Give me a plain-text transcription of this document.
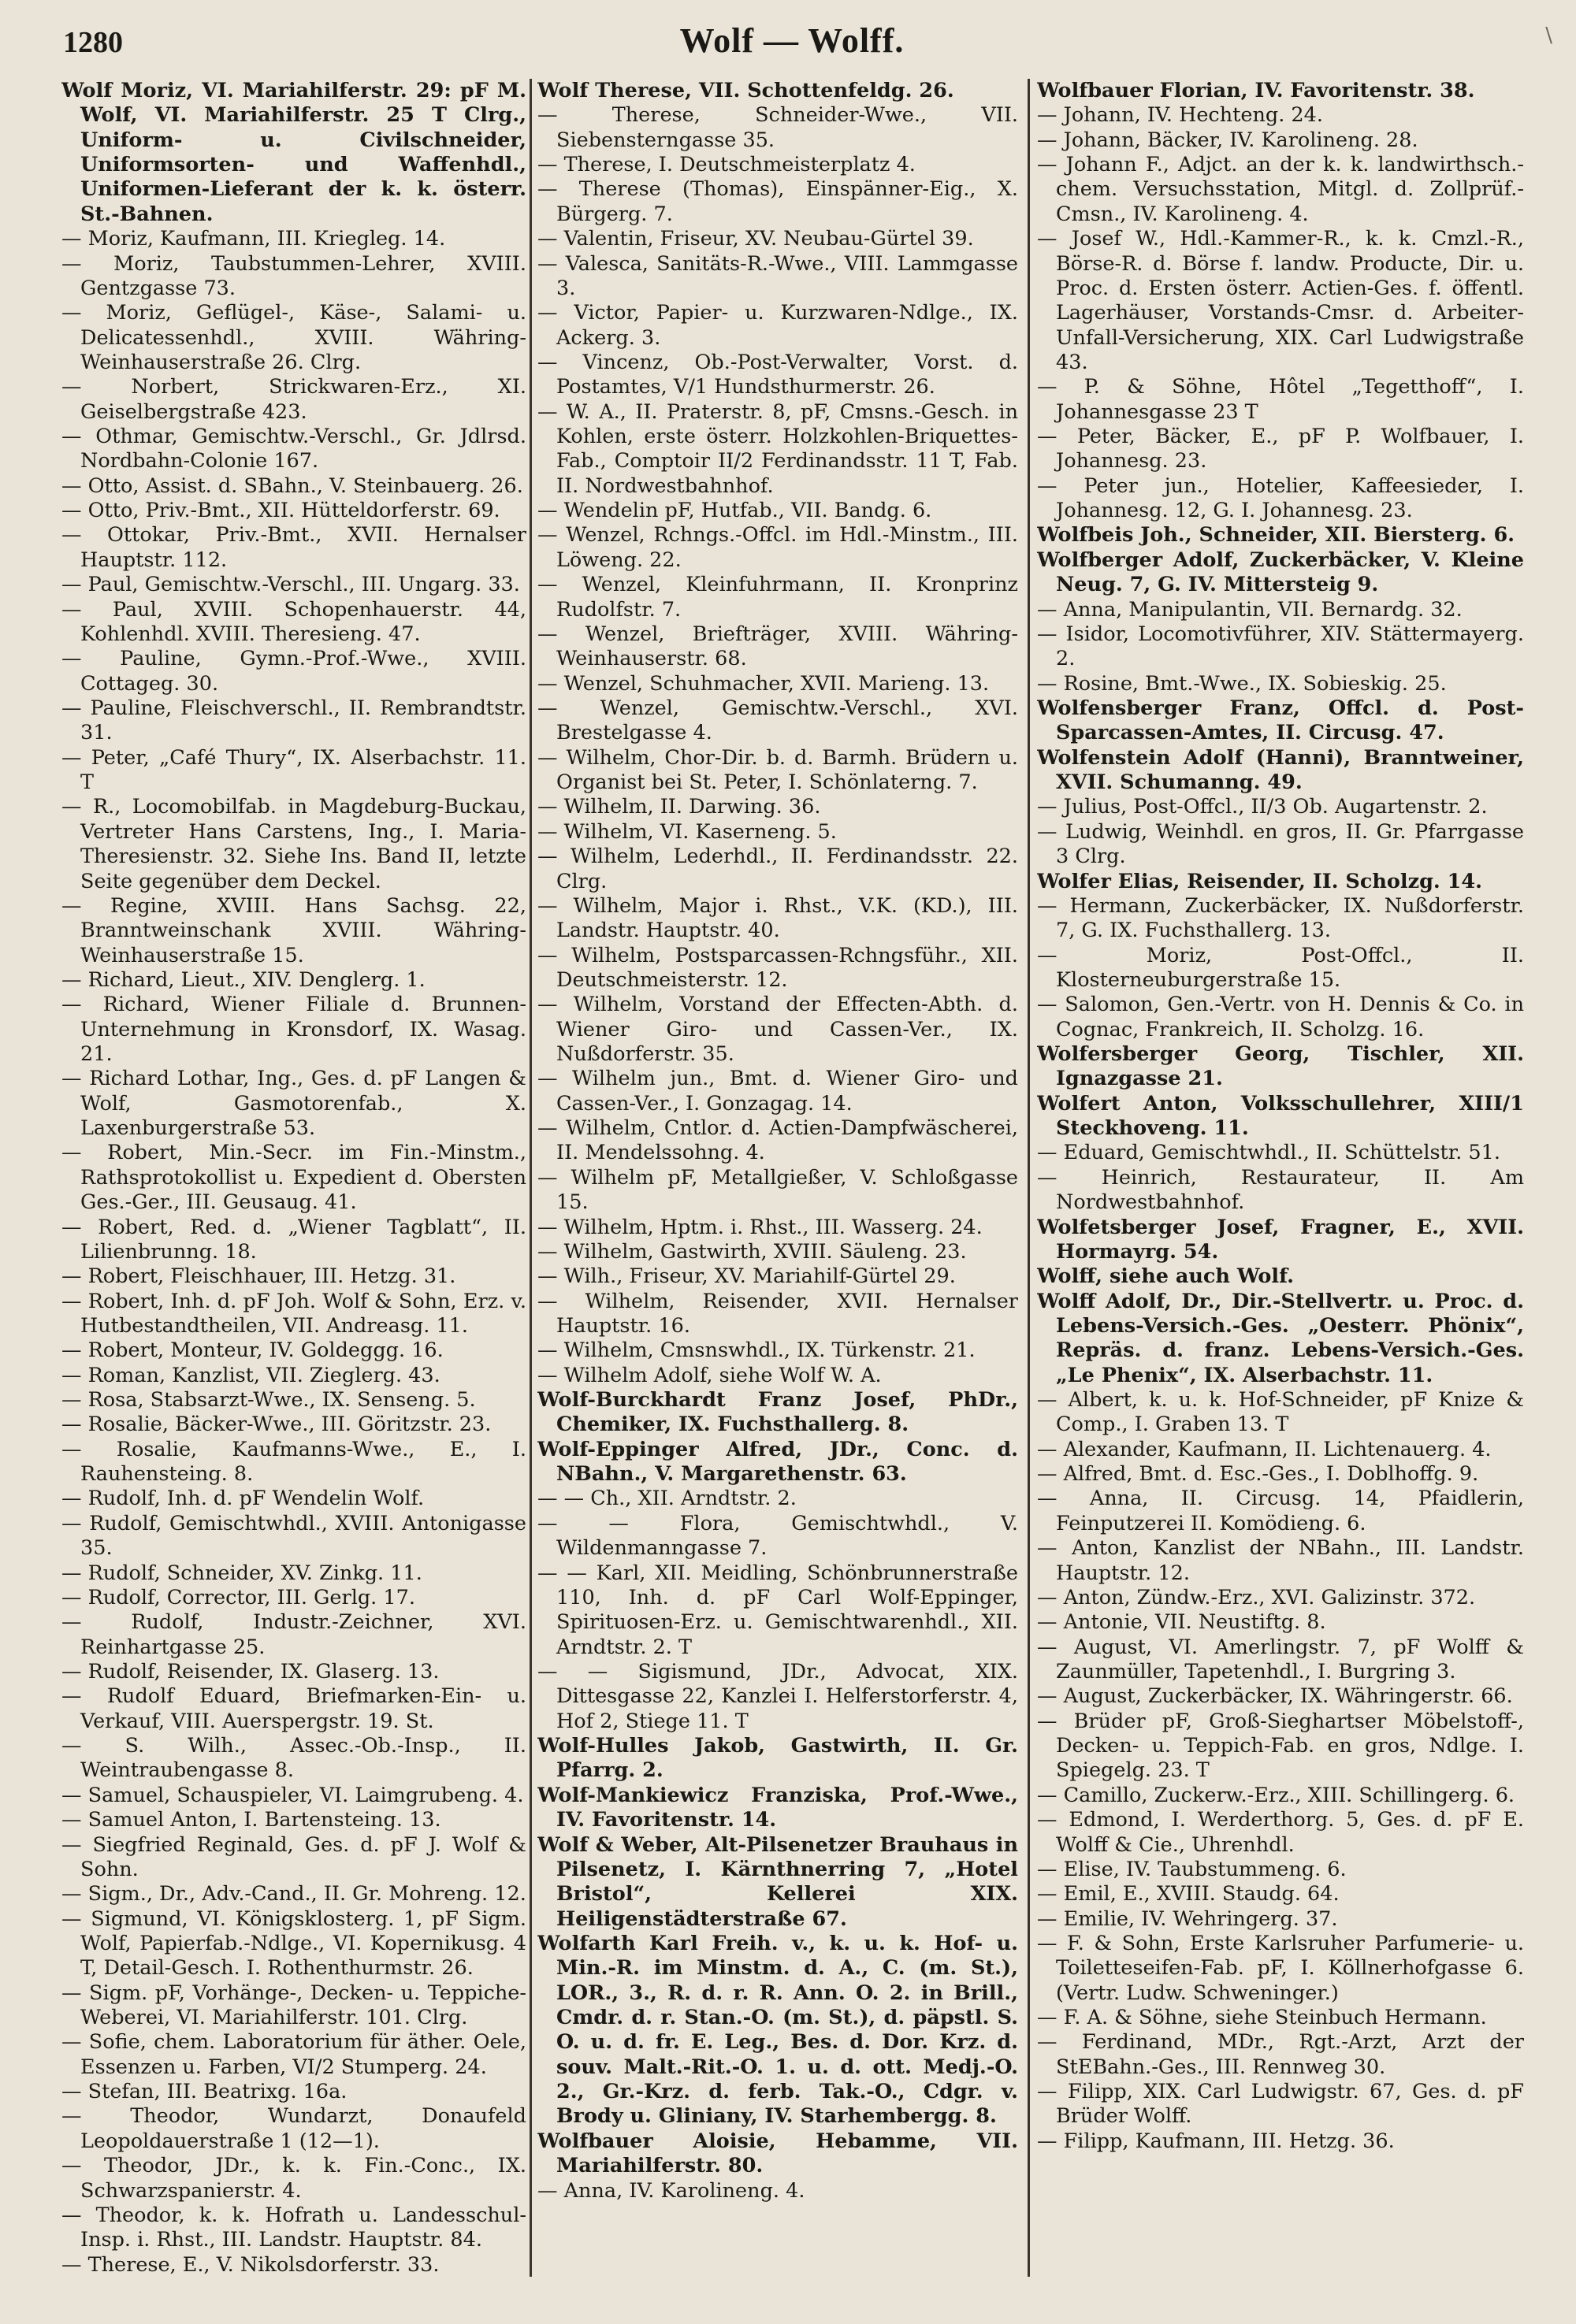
1280	Wolf — Wolff.	\
Wolf Moriz, VI. Mariahilferstr. 29: pF M. Wolf, VI. Mariahilferstr. 25 T Clrg., Uniform- u. Civilschneider, Uniformsorten- und Waffenhdl., Uniformen-Lieferant der k. k. österr. St.-Bahnen.
— Moriz, Kaufmann, III. Kriegleg. 14.
— Moriz, Taubstummen-Lehrer, XVIII. Gentzgasse 73.
— Moriz, Geflügel-, Käse-, Salami- u. Delicatessenhdl., XVIII. Währing-Weinhauserstraße 26. Clrg.
— Norbert, Strickwaren-Erz., XI. Geiselbergstraße 423.
— Othmar, Gemischtw.-Verschl., Gr. Jdlrsd. Nordbahn-Colonie 167.
— Otto, Assist. d. SBahn., V. Steinbauerg. 26.
— Otto, Priv.-Bmt., XII. Hütteldorferstr. 69.
— Ottokar, Priv.-Bmt., XVII. Hernalser Hauptstr. 112.
— Paul, Gemischtw.-Verschl., III. Ungarg. 33.
— Paul, XVIII. Schopenhauerstr. 44, Kohlenhdl. XVIII. Theresieng. 47.
— Pauline, Gymn.-Prof.-Wwe., XVIII. Cottageg. 30.
— Pauline, Fleischverschl., II. Rembrandtstr. 31.
— Peter, „Café Thury“, IX. Alserbachstr. 11. T
— R., Locomobilfab. in Magdeburg-Buckau, Vertreter Hans Carstens, Ing., I. Maria-Theresienstr. 32. Siehe Ins. Band II, letzte Seite gegenüber dem Deckel.
— Regine, XVIII. Hans Sachsg. 22, Branntweinschank XVIII. Währing-Weinhauserstraße 15.
— Richard, Lieut., XIV. Denglerg. 1.
— Richard, Wiener Filiale d. Brunnen-Unternehmung in Kronsdorf, IX. Wasag. 21.
— Richard Lothar, Ing., Ges. d. pF Langen & Wolf, Gasmotorenfab., X. Laxenburgerstraße 53.
— Robert, Min.-Secr. im Fin.-Minstm., Rathsprotokollist u. Expedient d. Obersten Ges.-Ger., III. Geusaug. 41.
— Robert, Red. d. „Wiener Tagblatt“, II. Lilienbrunng. 18.
— Robert, Fleischhauer, III. Hetzg. 31.
— Robert, Inh. d. pF Joh. Wolf & Sohn, Erz. v. Hutbestandtheilen, VII. Andreasg. 11.
— Robert, Monteur, IV. Goldeggg. 16.
— Roman, Kanzlist, VII. Zieglerg. 43.
— Rosa, Stabsarzt-Wwe., IX. Senseng. 5.
— Rosalie, Bäcker-Wwe., III. Göritzstr. 23.
— Rosalie, Kaufmanns-Wwe., E., I. Rauhensteing. 8.
— Rudolf, Inh. d. pF Wendelin Wolf.
— Rudolf, Gemischtwhdl., XVIII. Antonigasse 35.
— Rudolf, Schneider, XV. Zinkg. 11.
— Rudolf, Corrector, III. Gerlg. 17.
— Rudolf, Industr.-Zeichner, XVI. Reinhartgasse 25.
— Rudolf, Reisender, IX. Glaserg. 13.
— Rudolf Eduard, Briefmarken-Ein- u. Verkauf, VIII. Auerspergstr. 19. St.
— S. Wilh., Assec.-Ob.-Insp., II. Weintraubengasse 8.
— Samuel, Schauspieler, VI. Laimgrubeng. 4.
— Samuel Anton, I. Bartensteing. 13.
— Siegfried Reginald, Ges. d. pF J. Wolf & Sohn.
— Sigm., Dr., Adv.-Cand., II. Gr. Mohreng. 12.
— Sigmund, VI. Königsklosterg. 1, pF Sigm. Wolf, Papierfab.-Ndlge., VI. Kopernikusg. 4 T, Detail-Gesch. I. Rothenthurmstr. 26.
— Sigm. pF, Vorhänge-, Decken- u. Teppiche-Weberei, VI. Mariahilferstr. 101. Clrg.
— Sofie, chem. Laboratorium für äther. Oele, Essenzen u. Farben, VI/2 Stumperg. 24.
— Stefan, III. Beatrixg. 16a.
— Theodor, Wundarzt, Donaufeld Leopoldauerstraße 1 (12—1).
— Theodor, JDr., k. k. Fin.-Conc., IX. Schwarzspanierstr. 4.
— Theodor, k. k. Hofrath u. Landesschul-Insp. i. Rhst., III. Landstr. Hauptstr. 84.
— Therese, E., V. Nikolsdorferstr. 33.
Wolf Therese, VII. Schottenfeldg. 26.
— Therese, Schneider-Wwe., VII. Siebensterngasse 35.
— Therese, I. Deutschmeisterplatz 4.
— Therese (Thomas), Einspänner-Eig., X. Bürgerg. 7.
— Valentin, Friseur, XV. Neubau-Gürtel 39.
— Valesca, Sanitäts-R.-Wwe., VIII. Lammgasse 3.
— Victor, Papier- u. Kurzwaren-Ndlge., IX. Ackerg. 3.
— Vincenz, Ob.-Post-Verwalter, Vorst. d. Postamtes, V/1 Hundsthurmerstr. 26.
— W. A., II. Praterstr. 8, pF, Cmsns.-Gesch. in Kohlen, erste österr. Holzkohlen-Briquettes-Fab., Comptoir II/2 Ferdinandsstr. 11 T, Fab. II. Nordwestbahnhof.
— Wendelin pF, Hutfab., VII. Bandg. 6.
— Wenzel, Rchngs.-Offcl. im Hdl.-Minstm., III. Löweng. 22.
— Wenzel, Kleinfuhrmann, II. Kronprinz Rudolfstr. 7.
— Wenzel, Briefträger, XVIII. Währing-Weinhauserstr. 68.
— Wenzel, Schuhmacher, XVII. Marieng. 13.
— Wenzel, Gemischtw.-Verschl., XVI. Brestelgasse 4.
— Wilhelm, Chor-Dir. b. d. Barmh. Brüdern u. Organist bei St. Peter, I. Schönlaterng. 7.
— Wilhelm, II. Darwing. 36.
— Wilhelm, VI. Kaserneng. 5.
— Wilhelm, Lederhdl., II. Ferdinandsstr. 22. Clrg.
— Wilhelm, Major i. Rhst., V.K. (KD.), III. Landstr. Hauptstr. 40.
— Wilhelm, Postsparcassen-Rchngsführ., XII. Deutschmeisterstr. 12.
— Wilhelm, Vorstand der Effecten-Abth. d. Wiener Giro- und Cassen-Ver., IX. Nußdorferstr. 35.
— Wilhelm jun., Bmt. d. Wiener Giro- und Cassen-Ver., I. Gonzagag. 14.
— Wilhelm, Cntlor. d. Actien-Dampfwäscherei, II. Mendelssohng. 4.
— Wilhelm pF, Metallgießer, V. Schloßgasse 15.
— Wilhelm, Hptm. i. Rhst., III. Wasserg. 24.
— Wilhelm, Gastwirth, XVIII. Säuleng. 23.
— Wilh., Friseur, XV. Mariahilf-Gürtel 29.
— Wilhelm, Reisender, XVII. Hernalser Hauptstr. 16.
— Wilhelm, Cmsnswhdl., IX. Türkenstr. 21.
— Wilhelm Adolf, siehe Wolf W. A.
Wolf-Burckhardt Franz Josef, PhDr., Chemiker, IX. Fuchsthallerg. 8.
Wolf-Eppinger Alfred, JDr., Conc. d. NBahn., V. Margarethenstr. 63.
— — Ch., XII. Arndtstr. 2.
— — Flora, Gemischtwhdl., V. Wildenmanngasse 7.
— — Karl, XII. Meidling, Schönbrunnerstraße 110, Inh. d. pF Carl Wolf-Eppinger, Spirituosen-Erz. u. Gemischtwarenhdl., XII. Arndtstr. 2. T
— — Sigismund, JDr., Advocat, XIX. Dittesgasse 22, Kanzlei I. Helferstorferstr. 4, Hof 2, Stiege 11. T
Wolf-Hulles Jakob, Gastwirth, II. Gr. Pfarrg. 2.
Wolf-Mankiewicz Franziska, Prof.-Wwe., IV. Favoritenstr. 14.
Wolf & Weber, Alt-Pilsenetzer Brauhaus in Pilsenetz, I. Kärnthnerring 7, „Hotel Bristol“, Kellerei XIX. Heiligenstädterstraße 67.
Wolfarth Karl Freih. v., k. u. k. Hof- u. Min.-R. im Minstm. d. A., C. (m. St.), LOR., 3., R. d. r. R. Ann. O. 2. in Brill., Cmdr. d. r. Stan.-O. (m. St.), d. päpstl. S. O. u. d. fr. E. Leg., Bes. d. Dor. Krz. d. souv. Malt.-Rit.-O. 1. u. d. ott. Medj.-O. 2., Gr.-Krz. d. ferb. Tak.-O., Cdgr. v. Brody u. Gliniany, IV. Starhembergg. 8.
Wolfbauer Aloisie, Hebamme, VII. Mariahilferstr. 80.
— Anna, IV. Karolineng. 4.
Wolfbauer Florian, IV. Favoritenstr. 38.
— Johann, IV. Hechteng. 24.
— Johann, Bäcker, IV. Karolineng. 28.
— Johann F., Adjct. an der k. k. landwirthsch.-chem. Versuchsstation, Mitgl. d. Zollprüf.-Cmsn., IV. Karolineng. 4.
— Josef W., Hdl.-Kammer-R., k. k. Cmzl.-R., Börse-R. d. Börse f. landw. Producte, Dir. u. Proc. d. Ersten österr. Actien-Ges. f. öffentl. Lagerhäuser, Vorstands-Cmsr. d. Arbeiter-Unfall-Versicherung, XIX. Carl Ludwigstraße 43.
— P. & Söhne, Hôtel „Tegetthoff“, I. Johannesgasse 23 T
— Peter, Bäcker, E., pF P. Wolfbauer, I. Johannesg. 23.
— Peter jun., Hotelier, Kaffeesieder, I. Johannesg. 12, G. I. Johannesg. 23.
Wolfbeis Joh., Schneider, XII. Biersterg. 6.
Wolfberger Adolf, Zuckerbäcker, V. Kleine Neug. 7, G. IV. Mittersteig 9.
— Anna, Manipulantin, VII. Bernardg. 32.
— Isidor, Locomotivführer, XIV. Stättermayerg. 2.
— Rosine, Bmt.-Wwe., IX. Sobieskig. 25.
Wolfensberger Franz, Offcl. d. Post-Sparcassen-Amtes, II. Circusg. 47.
Wolfenstein Adolf (Hanni), Branntweiner, XVII. Schumanng. 49.
— Julius, Post-Offcl., II/3 Ob. Augartenstr. 2.
— Ludwig, Weinhdl. en gros, II. Gr. Pfarrgasse 3 Clrg.
Wolfer Elias, Reisender, II. Scholzg. 14.
— Hermann, Zuckerbäcker, IX. Nußdorferstr. 7, G. IX. Fuchsthallerg. 13.
— Moriz, Post-Offcl., II. Klosterneuburgerstraße 15.
— Salomon, Gen.-Vertr. von H. Dennis & Co. in Cognac, Frankreich, II. Scholzg. 16.
Wolfersberger Georg, Tischler, XII. Ignazgasse 21.
Wolfert Anton, Volksschullehrer, XIII/1 Steckhoveng. 11.
— Eduard, Gemischtwhdl., II. Schüttelstr. 51.
— Heinrich, Restaurateur, II. Am Nordwestbahnhof.
Wolfetsberger Josef, Fragner, E., XVII. Hormayrg. 54.
Wolff, siehe auch Wolf.
Wolff Adolf, Dr., Dir.-Stellvertr. u. Proc. d. Lebens-Versich.-Ges. „Oesterr. Phönix“, Repräs. d. franz. Lebens-Versich.-Ges. „Le Phenix“, IX. Alserbachstr. 11.
— Albert, k. u. k. Hof-Schneider, pF Knize & Comp., I. Graben 13. T
— Alexander, Kaufmann, II. Lichtenauerg. 4.
— Alfred, Bmt. d. Esc.-Ges., I. Doblhoffg. 9.
— Anna, II. Circusg. 14, Pfaidlerin, Feinputzerei II. Komödieng. 6.
— Anton, Kanzlist der NBahn., III. Landstr. Hauptstr. 12.
— Anton, Zündw.-Erz., XVI. Galizinstr. 372.
— Antonie, VII. Neustiftg. 8.
— August, VI. Amerlingstr. 7, pF Wolff & Zaunmüller, Tapetenhdl., I. Burgring 3.
— August, Zuckerbäcker, IX. Währingerstr. 66.
— Brüder pF, Groß-Sieghartser Möbelstoff-, Decken- u. Teppich-Fab. en gros, Ndlge. I. Spiegelg. 23. T
— Camillo, Zuckerw.-Erz., XIII. Schillingerg. 6.
— Edmond, I. Werderthorg. 5, Ges. d. pF E. Wolff & Cie., Uhrenhdl.
— Elise, IV. Taubstummeng. 6.
— Emil, E., XVIII. Staudg. 64.
— Emilie, IV. Wehringerg. 37.
— F. & Sohn, Erste Karlsruher Parfumerie- u. Toiletteseifen-Fab. pF, I. Köllnerhofgasse 6. (Vertr. Ludw. Schweninger.)
— F. A. & Söhne, siehe Steinbuch Hermann.
— Ferdinand, MDr., Rgt.-Arzt, Arzt der StEBahn.-Ges., III. Rennweg 30.
— Filipp, XIX. Carl Ludwigstr. 67, Ges. d. pF Brüder Wolff.
— Filipp, Kaufmann, III. Hetzg. 36.
